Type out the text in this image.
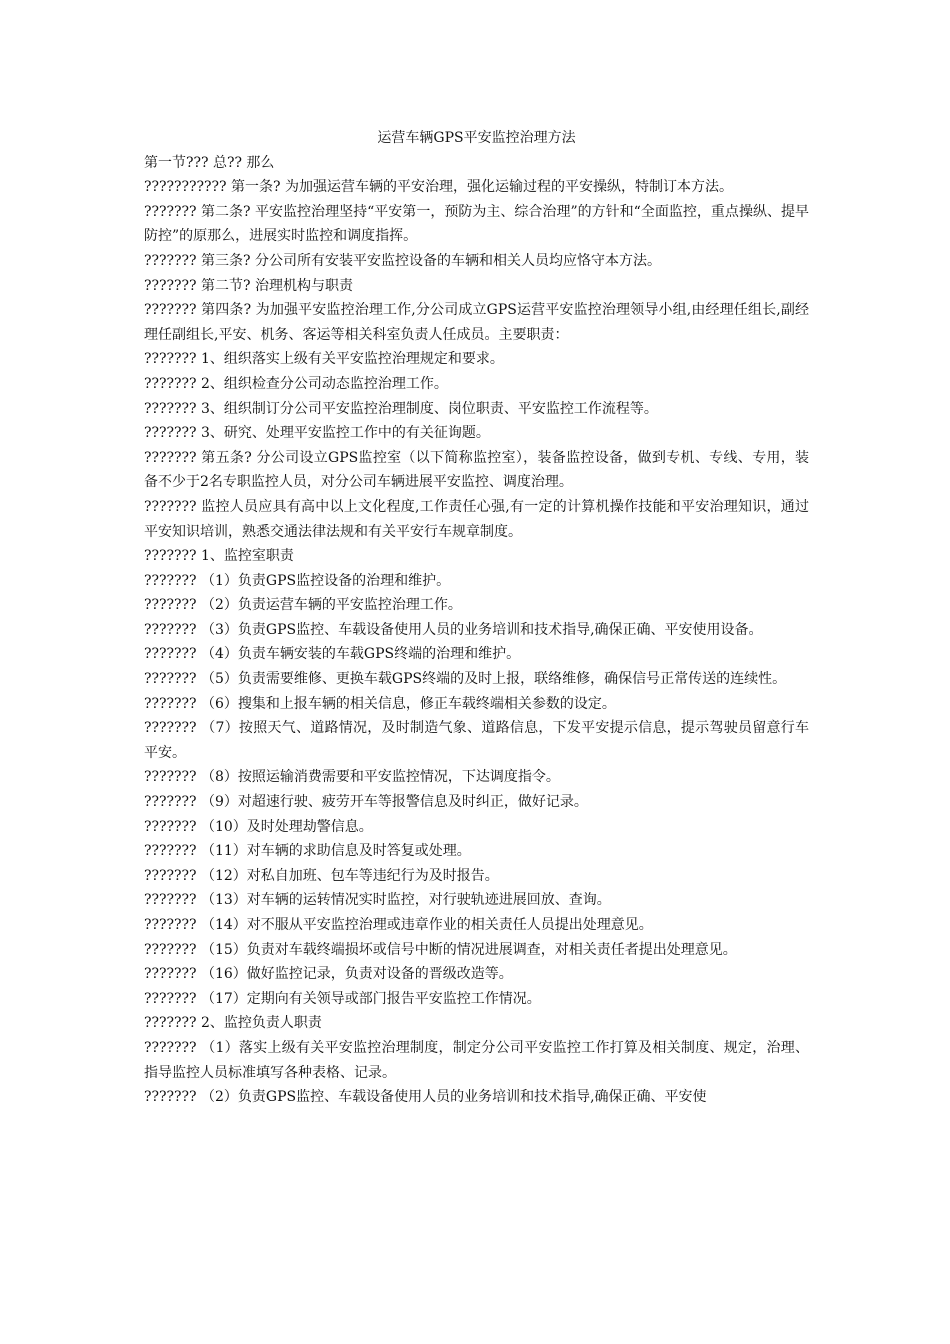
运营车辆GPS平安监控治理方法

第一节??? 总?? 那么

??????????? 第一条? 为加强运营车辆的平安治理，强化运输过程的平安操纵，特制订本方法。

??????? 第二条? 平安监控治理坚持“平安第一，预防为主、综合治理”的方针和“全面监控，重点操纵、提早防控”的原那么，进展实时监控和调度指挥。

??????? 第三条? 分公司所有安装平安监控设备的车辆和相关人员均应恪守本方法。

??????? 第二节? 治理机构与职责

??????? 第四条? 为加强平安监控治理工作,分公司成立GPS运营平安监控治理领导小组,由经理任组长,副经理任副组长,平安、机务、客运等相关科室负责人任成员。主要职责：

??????? 1、组织落实上级有关平安监控治理规定和要求。

??????? 2、组织检查分公司动态监控治理工作。

??????? 3、组织制订分公司平安监控治理制度、岗位职责、平安监控工作流程等。

??????? 3、研究、处理平安监控工作中的有关征询题。

??????? 第五条? 分公司设立GPS监控室（以下简称监控室），装备监控设备，做到专机、专线、专用，装备不少于2名专职监控人员，对分公司车辆进展平安监控、调度治理。

??????? 监控人员应具有高中以上文化程度,工作责任心强,有一定的计算机操作技能和平安治理知识，通过平安知识培训，熟悉交通法律法规和有关平安行车规章制度。

??????? 1、监控室职责

??????? （1）负责GPS监控设备的治理和维护。

??????? （2）负责运营车辆的平安监控治理工作。

??????? （3）负责GPS监控、车载设备使用人员的业务培训和技术指导,确保正确、平安使用设备。

??????? （4）负责车辆安装的车载GPS终端的治理和维护。

??????? （5）负责需要维修、更换车载GPS终端的及时上报，联络维修，确保信号正常传送的连续性。

??????? （6）搜集和上报车辆的相关信息，修正车载终端相关参数的设定。

??????? （7）按照天气、道路情况，及时制造气象、道路信息，下发平安提示信息，提示驾驶员留意行车平安。

??????? （8）按照运输消费需要和平安监控情况，下达调度指令。

??????? （9）对超速行驶、疲劳开车等报警信息及时纠正，做好记录。

??????? （10）及时处理劫警信息。

??????? （11）对车辆的求助信息及时答复或处理。

??????? （12）对私自加班、包车等违纪行为及时报告。

??????? （13）对车辆的运转情况实时监控，对行驶轨迹进展回放、查询。

??????? （14）对不服从平安监控治理或违章作业的相关责任人员提出处理意见。

??????? （15）负责对车载终端损坏或信号中断的情况进展调查，对相关责任者提出处理意见。

??????? （16）做好监控记录，负责对设备的晋级改造等。

??????? （17）定期向有关领导或部门报告平安监控工作情况。

??????? 2、监控负责人职责

??????? （1）落实上级有关平安监控治理制度，制定分公司平安监控工作打算及相关制度、规定，治理、指导监控人员标准填写各种表格、记录。

??????? （2）负责GPS监控、车载设备使用人员的业务培训和技术指导,确保正确、平安使
